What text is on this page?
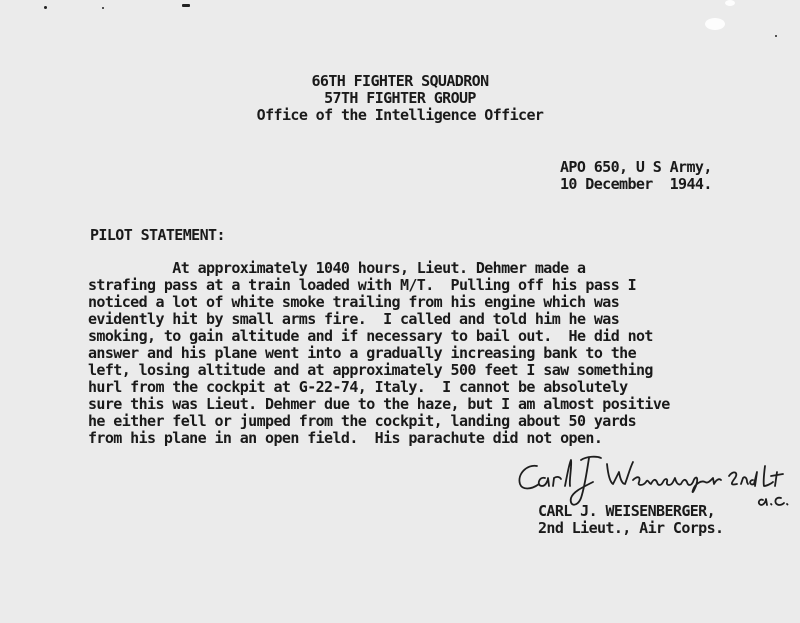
66TH FIGHTER SQUADRON
57TH FIGHTER GROUP
Office of the Intelligence Officer
APO 650, U S Army,
10 December  1944.
PILOT STATEMENT:
At approximately 1040 hours, Lieut. Dehmer made a
strafing pass at a train loaded with M/T.  Pulling off his pass I
noticed a lot of white smoke trailing from his engine which was
evidently hit by small arms fire.  I called and told him he was
smoking, to gain altitude and if necessary to bail out.  He did not
answer and his plane went into a gradually increasing bank to the
left, losing altitude and at approximately 500 feet I saw something
hurl from the cockpit at G-22-74, Italy.  I cannot be absolutely
sure this was Lieut. Dehmer due to the haze, but I am almost positive
he either fell or jumped from the cockpit, landing about 50 yards
from his plane in an open field.  His parachute did not open.
CARL J. WEISENBERGER,
2nd Lieut., Air Corps.
